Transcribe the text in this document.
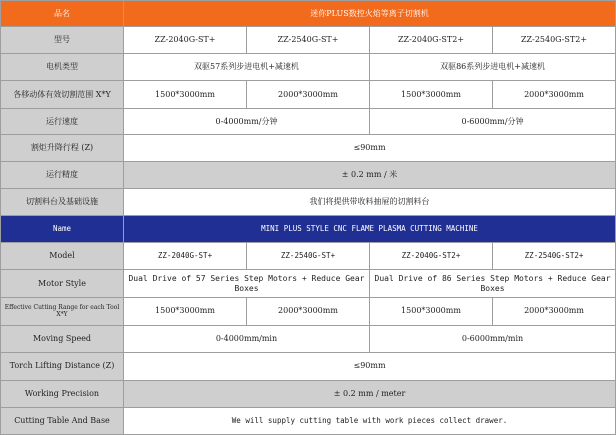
品名	迷你PLUS数控火焰等离子切割机			
型号	ZZ-2040G-ST+	ZZ-2540G-ST+	ZZ-2040G-ST2+	ZZ-2540G-ST2+
电机类型	双驱57系列步进电机+减速机		双驱86系列步进电机+减速机	
各移动体有效切割范围 X*Y	1500*3000mm	2000*3000mm	1500*3000mm	2000*3000mm
运行速度	0-4000mm/分钟		0-6000mm/分钟	
割炬升降行程 (Z)	≤90mm			
运行精度	± 0.2 mm / 米			
切割料台及基础设施	我们将提供带收料抽屉的切割料台			
Name	MINI PLUS STYLE CNC FLAME PLASMA CUTTING MACHINE			
Model	ZZ-2040G-ST+	ZZ-2540G-ST+	ZZ-2040G-ST2+	ZZ-2540G-ST2+
Motor Style	Dual Drive of 57 Series Step Motors + Reduce Gear Boxes		Dual Drive of 86 Series Step Motors + Reduce Gear Boxes	
Effective Cutting Range for each Tool X*Y	1500*3000mm	2000*3000mm	1500*3000mm	2000*3000mm
Moving Speed	0-4000mm/min		0-6000mm/min	
Torch Lifting Distance (Z)	≤90mm			
Working Precision	± 0.2 mm / meter			
Cutting Table And Base	We will supply cutting table with work pieces collect drawer.			
